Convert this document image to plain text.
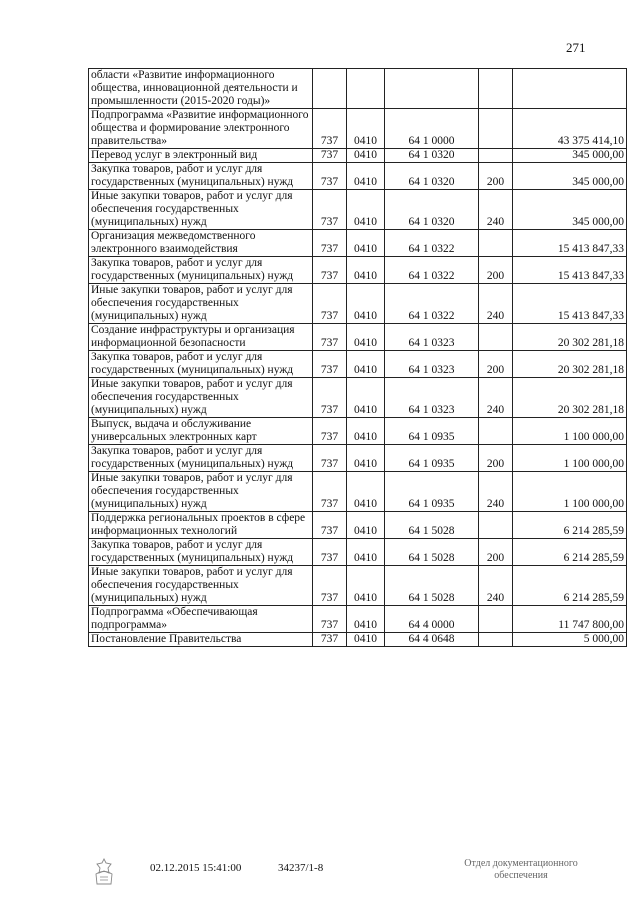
271
области «Развитие информационного общества, инновационной деятельности и промышленности (2015-2020 годы)»					
Подпрограмма «Развитие информационного общества и формирование электронного правительства»	737	0410	64 1 0000		43 375 414,10
Перевод услуг в электронный вид	737	0410	64 1 0320		345 000,00
Закупка товаров, работ и услуг для государственных (муниципальных) нужд	737	0410	64 1 0320	200	345 000,00
Иные закупки товаров, работ и услуг для обеспечения государственных (муниципальных) нужд	737	0410	64 1 0320	240	345 000,00
Организация межведомственного электронного взаимодействия	737	0410	64 1 0322		15 413 847,33
Закупка товаров, работ и услуг для государственных (муниципальных) нужд	737	0410	64 1 0322	200	15 413 847,33
Иные закупки товаров, работ и услуг для обеспечения государственных (муниципальных) нужд	737	0410	64 1 0322	240	15 413 847,33
Создание инфраструктуры и организация информационной безопасности	737	0410	64 1 0323		20 302 281,18
Закупка товаров, работ и услуг для государственных (муниципальных) нужд	737	0410	64 1 0323	200	20 302 281,18
Иные закупки товаров, работ и услуг для обеспечения государственных (муниципальных) нужд	737	0410	64 1 0323	240	20 302 281,18
Выпуск, выдача и обслуживание универсальных электронных карт	737	0410	64 1 0935		1 100 000,00
Закупка товаров, работ и услуг для государственных (муниципальных) нужд	737	0410	64 1 0935	200	1 100 000,00
Иные закупки товаров, работ и услуг для обеспечения государственных (муниципальных) нужд	737	0410	64 1 0935	240	1 100 000,00
Поддержка региональных проектов в сфере информационных технологий	737	0410	64 1 5028		6 214 285,59
Закупка товаров, работ и услуг для государственных (муниципальных) нужд	737	0410	64 1 5028	200	6 214 285,59
Иные закупки товаров, работ и услуг для обеспечения государственных (муниципальных) нужд	737	0410	64 1 5028	240	6 214 285,59
Подпрограмма «Обеспечивающая подпрограмма»	737	0410	64 4 0000		11 747 800,00
Постановление Правительства	737	0410	64 4 0648		5 000,00
02.12.2015 15:41:00	34237/1-8	Отдел документационного
обеспечения
